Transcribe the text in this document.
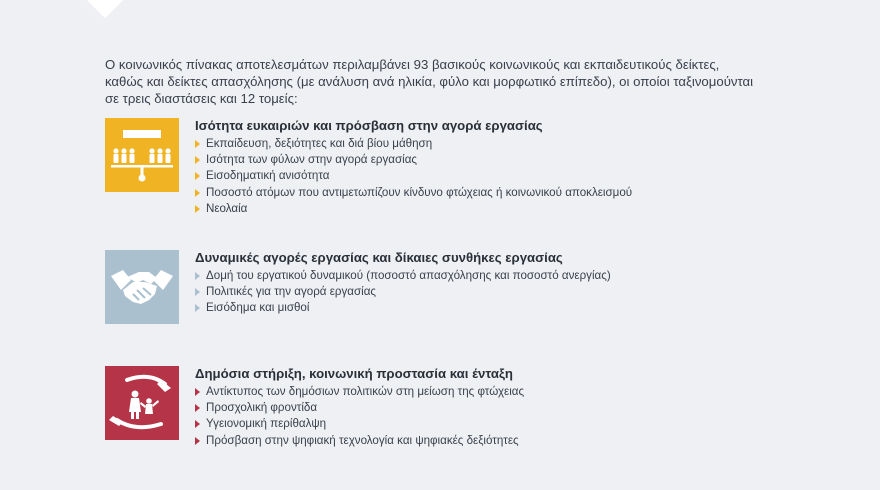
Ο κοινωνικός πίνακας αποτελεσμάτων περιλαμβάνει 93 βασικούς κοινωνικούς και εκπαιδευτικούς δείκτες, καθώς και δείκτες απασχόλησης (με ανάλυση ανά ηλικία, φύλο και μορφωτικό επίπεδο), οι οποίοι ταξινομούνται σε τρεις διαστάσεις και 12 τομείς:
Ισότητα ευκαιριών και πρόσβαση στην αγορά εργασίας
Εκπαίδευση, δεξιότητες και διά βίου μάθηση
Ισότητα των φύλων στην αγορά εργασίας
Εισοδηματική ανισότητα
Ποσοστό ατόμων που αντιμετωπίζουν κίνδυνο φτώχειας ή κοινωνικού αποκλεισμού
Νεολαία
Δυναμικές αγορές εργασίας και δίκαιες συνθήκες εργασίας
Δομή του εργατικού δυναμικού (ποσοστό απασχόλησης και ποσοστό ανεργίας)
Πολιτικές για την αγορά εργασίας
Εισόδημα και μισθοί
Δημόσια στήριξη, κοινωνική προστασία και ένταξη
Αντίκτυπος των δημόσιων πολιτικών στη μείωση της φτώχειας
Προσχολική φροντίδα
Υγειονομική περίθαλψη
Πρόσβαση στην ψηφιακή τεχνολογία και ψηφιακές δεξιότητες
